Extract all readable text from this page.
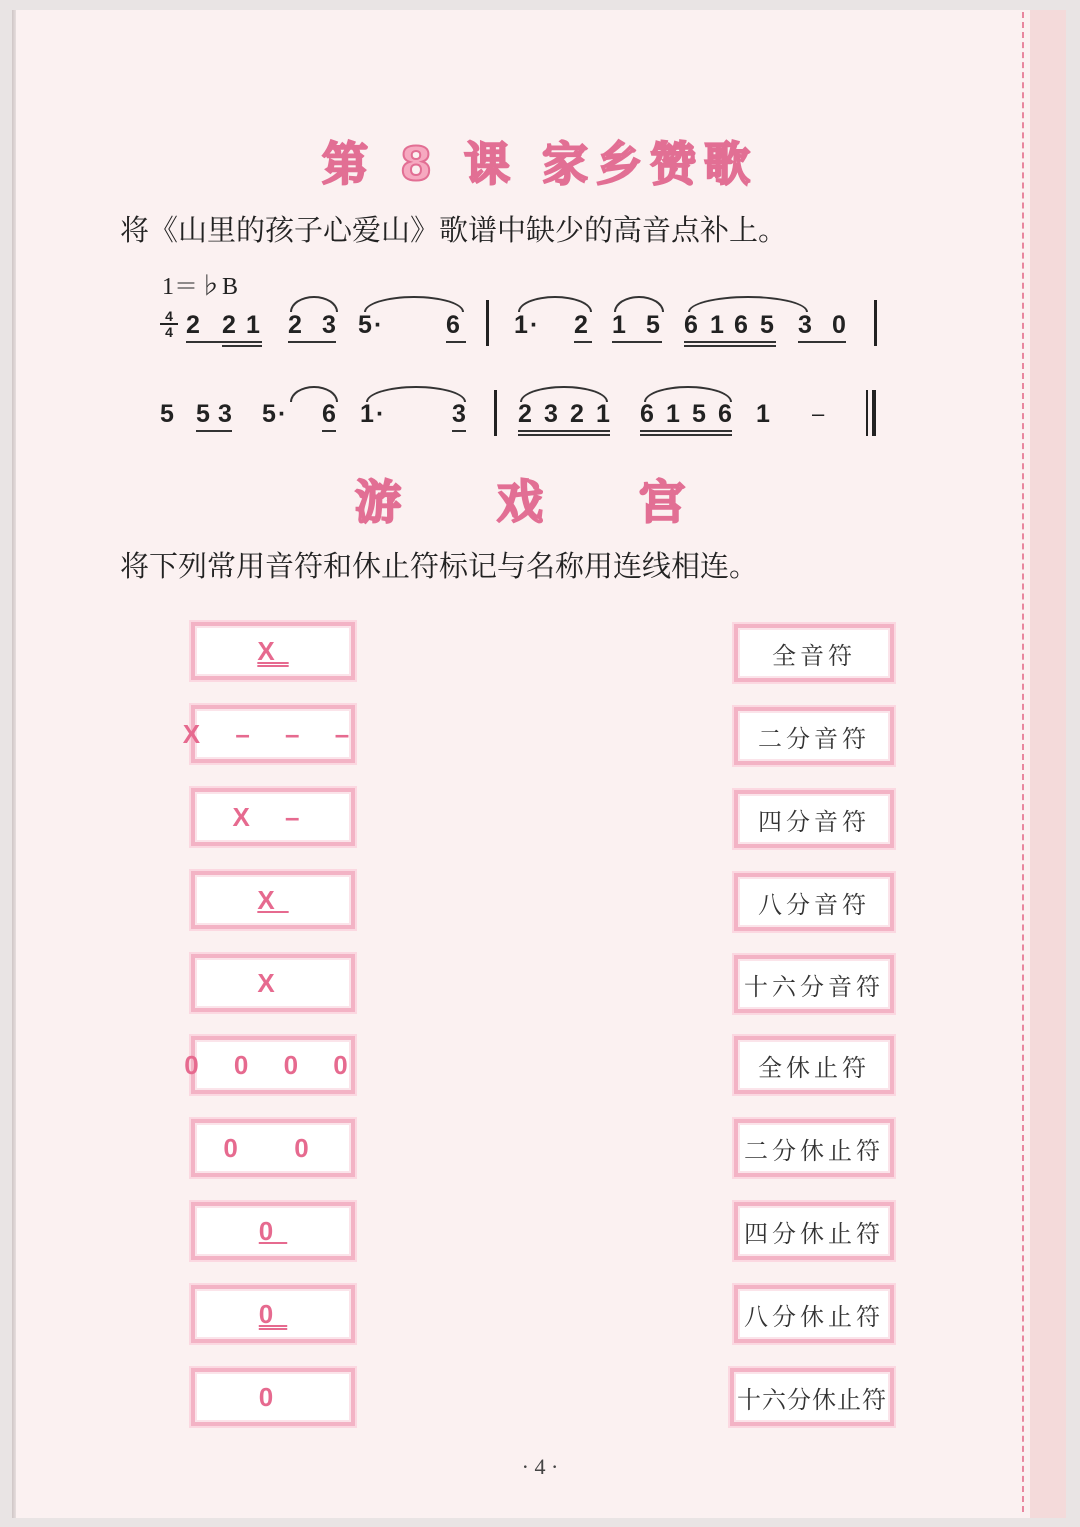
第 8 课 家乡赞歌
将《山里的孩子心爱山》歌谱中缺少的高音点补上。
1＝♭B
4
4 2 2 1 2 3 5 ·	6 1 · 2 1 5 6 1 6 5 3 0
5 5 3 5 · 6 1 ·	3 2 3 2 1 6 1 5 6 1 –
游 戏 宫
将下列常用音符和休止符标记与名称用连线相连。
X
X – – –
X –
X
X
0 0 0 0
0  0
0
0
0
全音符
二分音符
四分音符
八分音符
十六分音符
全休止符
二分休止符
四分休止符
八分休止符
十六分休止符
· 4 ·
